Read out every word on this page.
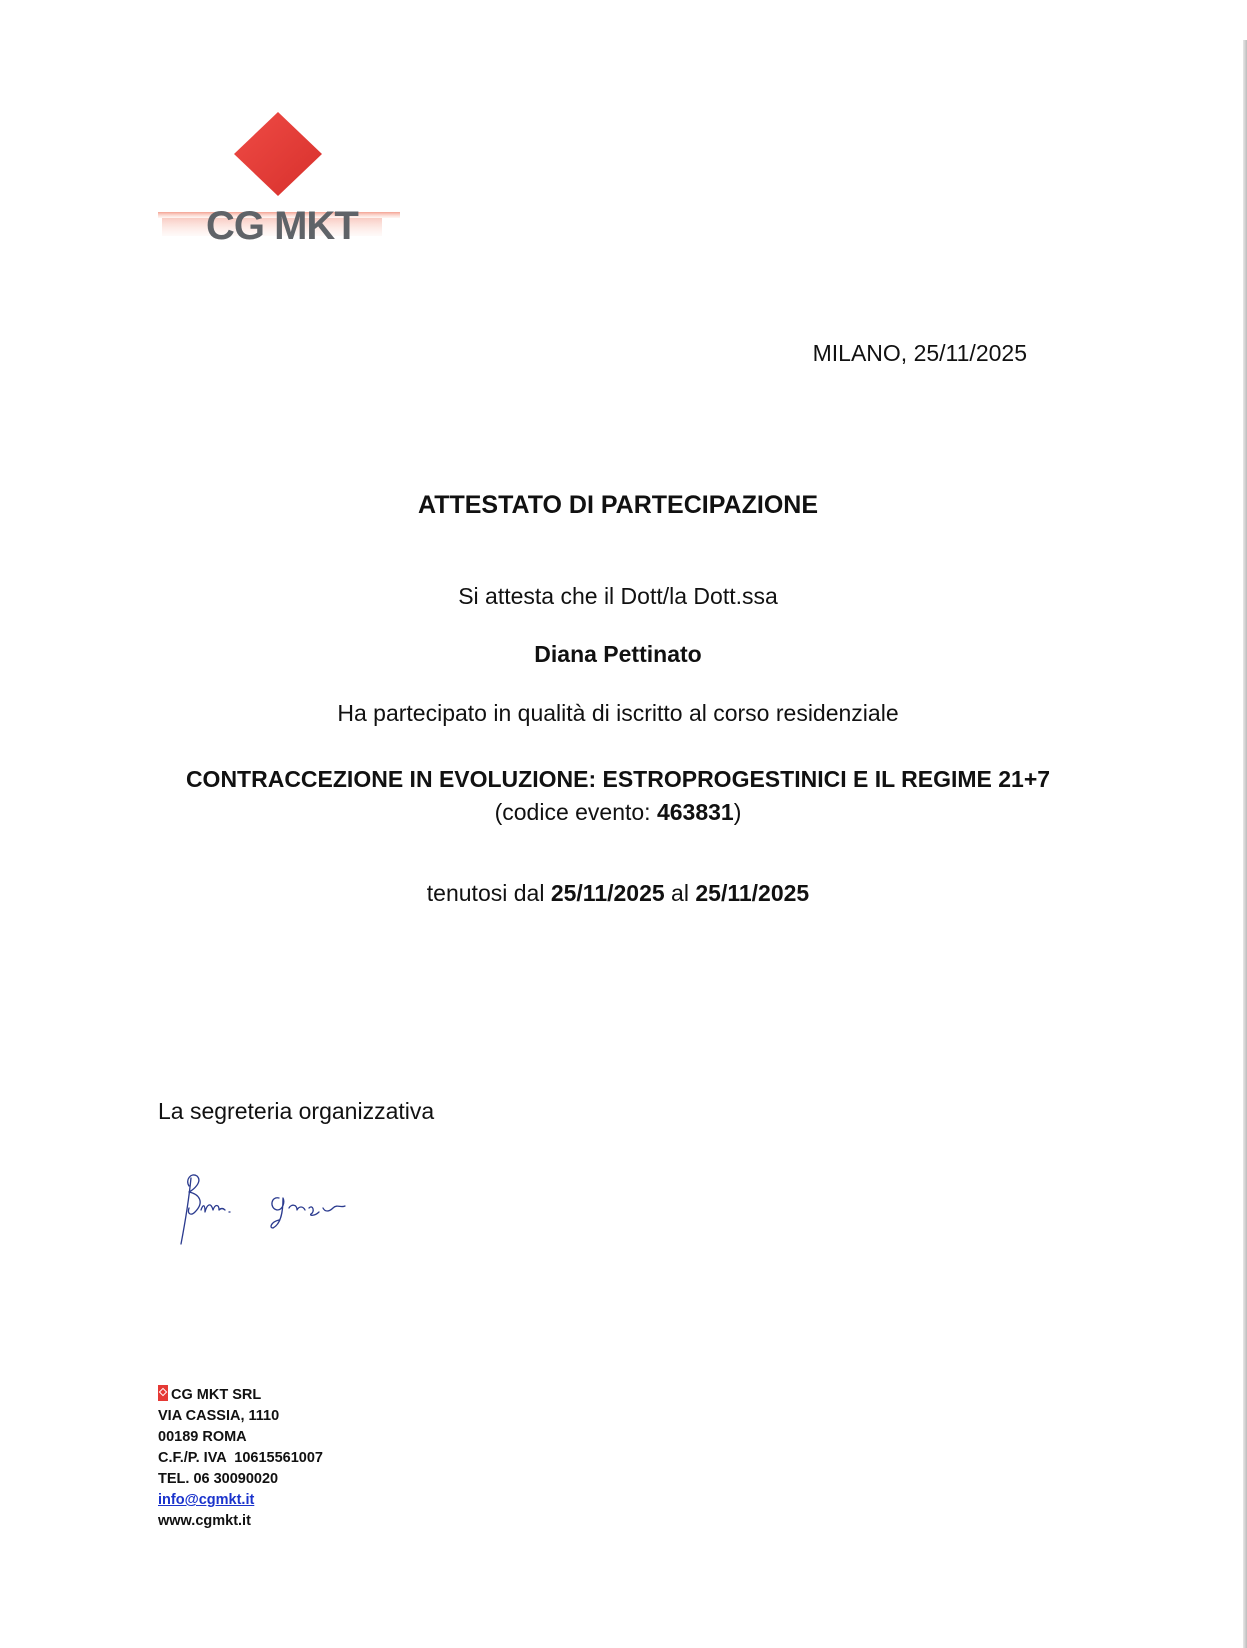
CG MKT
MILANO, 25/11/2025
ATTESTATO DI PARTECIPAZIONE
Si attesta che il Dott/la Dott.ssa
Diana Pettinato
Ha partecipato in qualità di iscritto al corso residenziale
CONTRACCEZIONE IN EVOLUZIONE: ESTROPROGESTINICI E IL REGIME 21+7 (codice evento: 463831)
tenutosi dal 25/11/2025 al 25/11/2025
La segreteria organizzativa
CG MKT SRL
VIA CASSIA, 1110
00189 ROMA
C.F./P. IVA  10615561007
TEL. 06 30090020
info@cgmkt.it
www.cgmkt.it
